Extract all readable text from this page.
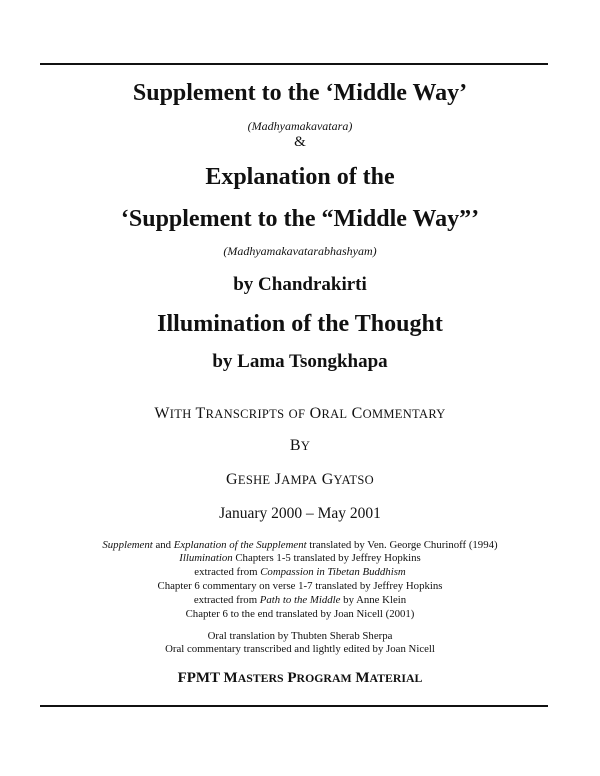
Supplement to the ‘Middle Way’
(Madhyamakavatara)
&
Explanation of the
‘Supplement to the “Middle Way”’
(Madhyamakavatarabhashyam)
by Chandrakirti
Illumination of the Thought
by Lama Tsongkhapa
WITH TRANSCRIPTS OF ORAL COMMENTARY
BY
GESHE JAMPA GYATSO
January 2000 – May 2001
Supplement and Explanation of the Supplement translated by Ven. George Churinoff (1994)
Illumination Chapters 1-5 translated by Jeffrey Hopkins
extracted from Compassion in Tibetan Buddhism
Chapter 6 commentary on verse 1-7 translated by Jeffrey Hopkins
extracted from Path to the Middle by Anne Klein
Chapter 6 to the end translated by Joan Nicell (2001)
Oral translation by Thubten Sherab Sherpa
Oral commentary transcribed and lightly edited by Joan Nicell
FPMT MASTERS PROGRAM MATERIAL
